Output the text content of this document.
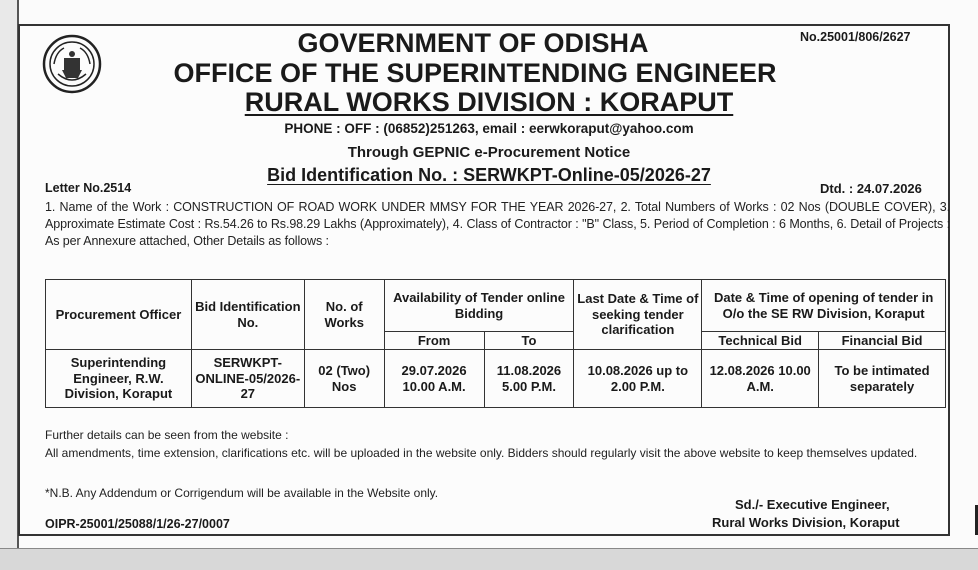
No.25001/806/2627
GOVERNMENT OF ODISHA
OFFICE OF THE SUPERINTENDING ENGINEER
RURAL WORKS DIVISION : KORAPUT
PHONE : OFF : (06852)251263, email : eerwkoraput@yahoo.com
Through GEPNIC e-Procurement Notice
Bid Identification No. : SERWKPT-Online-05/2026-27
Letter No.2514	Dtd. : 24.07.2026
1. Name of the Work : CONSTRUCTION OF ROAD WORK UNDER MMSY FOR THE YEAR 2026-27, 2. Total Numbers of Works : 02 Nos (DOUBLE COVER), 3. Approximate Estimate Cost : Rs.54.26 to Rs.98.29 Lakhs (Approximately), 4. Class of Contractor : "B" Class, 5. Period of Completion : 6 Months, 6. Detail of Projects : As per Annexure attached, Other Details as follows :
Procurement Officer	Bid Identification No.	No. of Works	Availability of Tender online Bidding		Last Date & Time of seeking tender clarification	Date & Time of opening of tender in O/o the SE RW Division, Koraput	
			From	To		Technical Bid	Financial Bid
Superintending Engineer, R.W. Division, Koraput	SERWKPT-ONLINE-05/2026-27	02 (Two) Nos	29.07.2026 10.00 A.M.	11.08.2026 5.00 P.M.	10.08.2026 up to 2.00 P.M.	12.08.2026 10.00 A.M.	To be intimated separately
Further details can be seen from the website :
All amendments, time extension, clarifications etc. will be uploaded in the website only. Bidders should regularly visit the above website to keep themselves updated.
*N.B. Any Addendum or Corrigendum will be available in the Website only.
Sd./- Executive Engineer,
Rural Works Division, Koraput
OIPR-25001/25088/1/26-27/0007
